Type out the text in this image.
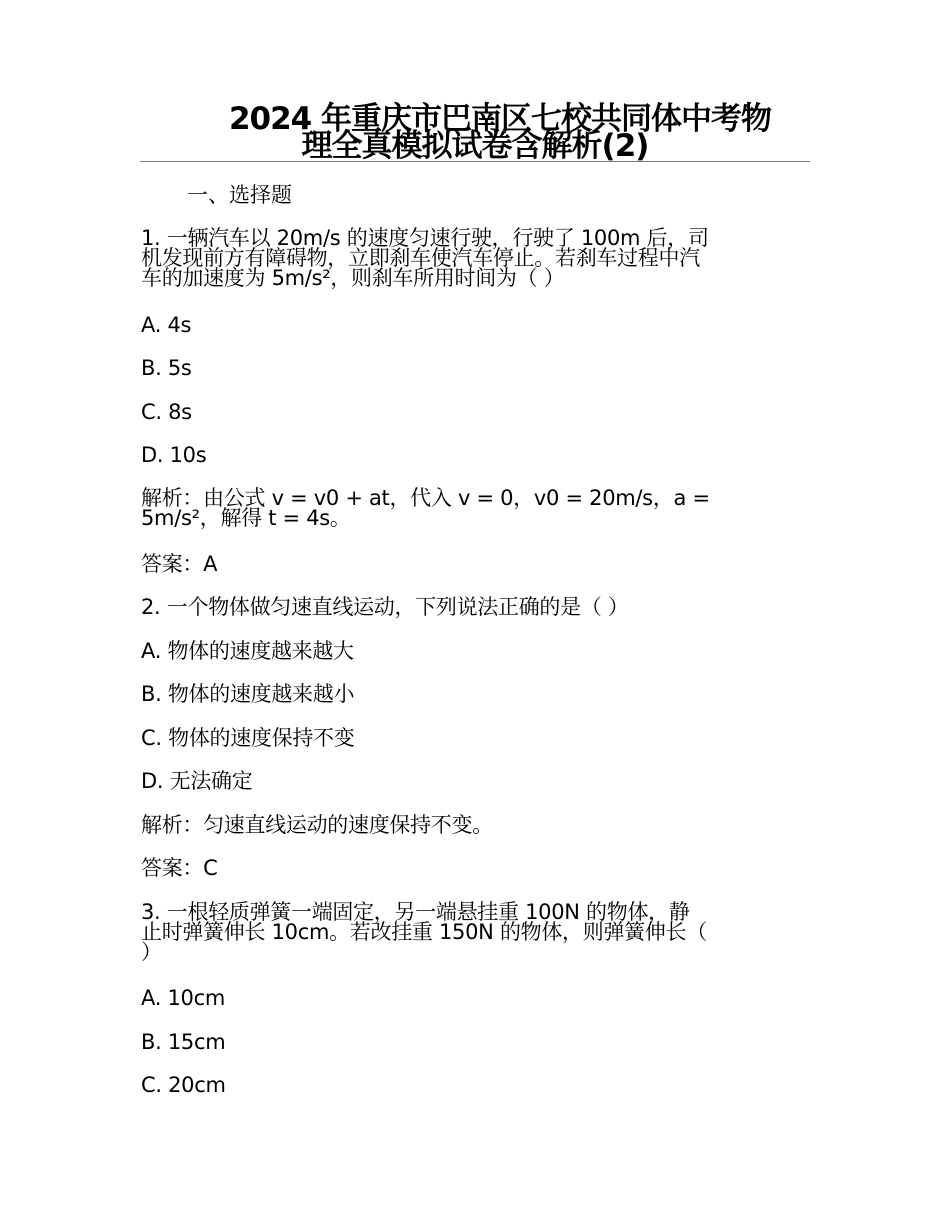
2024 年重庆市巴南区七校共同体中考物
理全真模拟试卷含解析(2)
一、选择题
1. 一辆汽车以 20m/s 的速度匀速行驶，行驶了 100m 后，司
机发现前方有障碍物，立即刹车使汽车停止。若刹车过程中汽
车的加速度为 5m/s²，则刹车所用时间为（ ）
A. 4s
B. 5s
C. 8s
D. 10s
解析：由公式 v = v0 + at，代入 v = 0，v0 = 20m/s，a =
5m/s²，解得 t = 4s。
答案：A
2. 一个物体做匀速直线运动，下列说法正确的是（ ）
A. 物体的速度越来越大
B. 物体的速度越来越小
C. 物体的速度保持不变
D. 无法确定
解析：匀速直线运动的速度保持不变。
答案：C
3. 一根轻质弹簧一端固定，另一端悬挂重 100N 的物体，静
止时弹簧伸长 10cm。若改挂重 150N 的物体，则弹簧伸长（
）
A. 10cm
B. 15cm
C. 20cm
